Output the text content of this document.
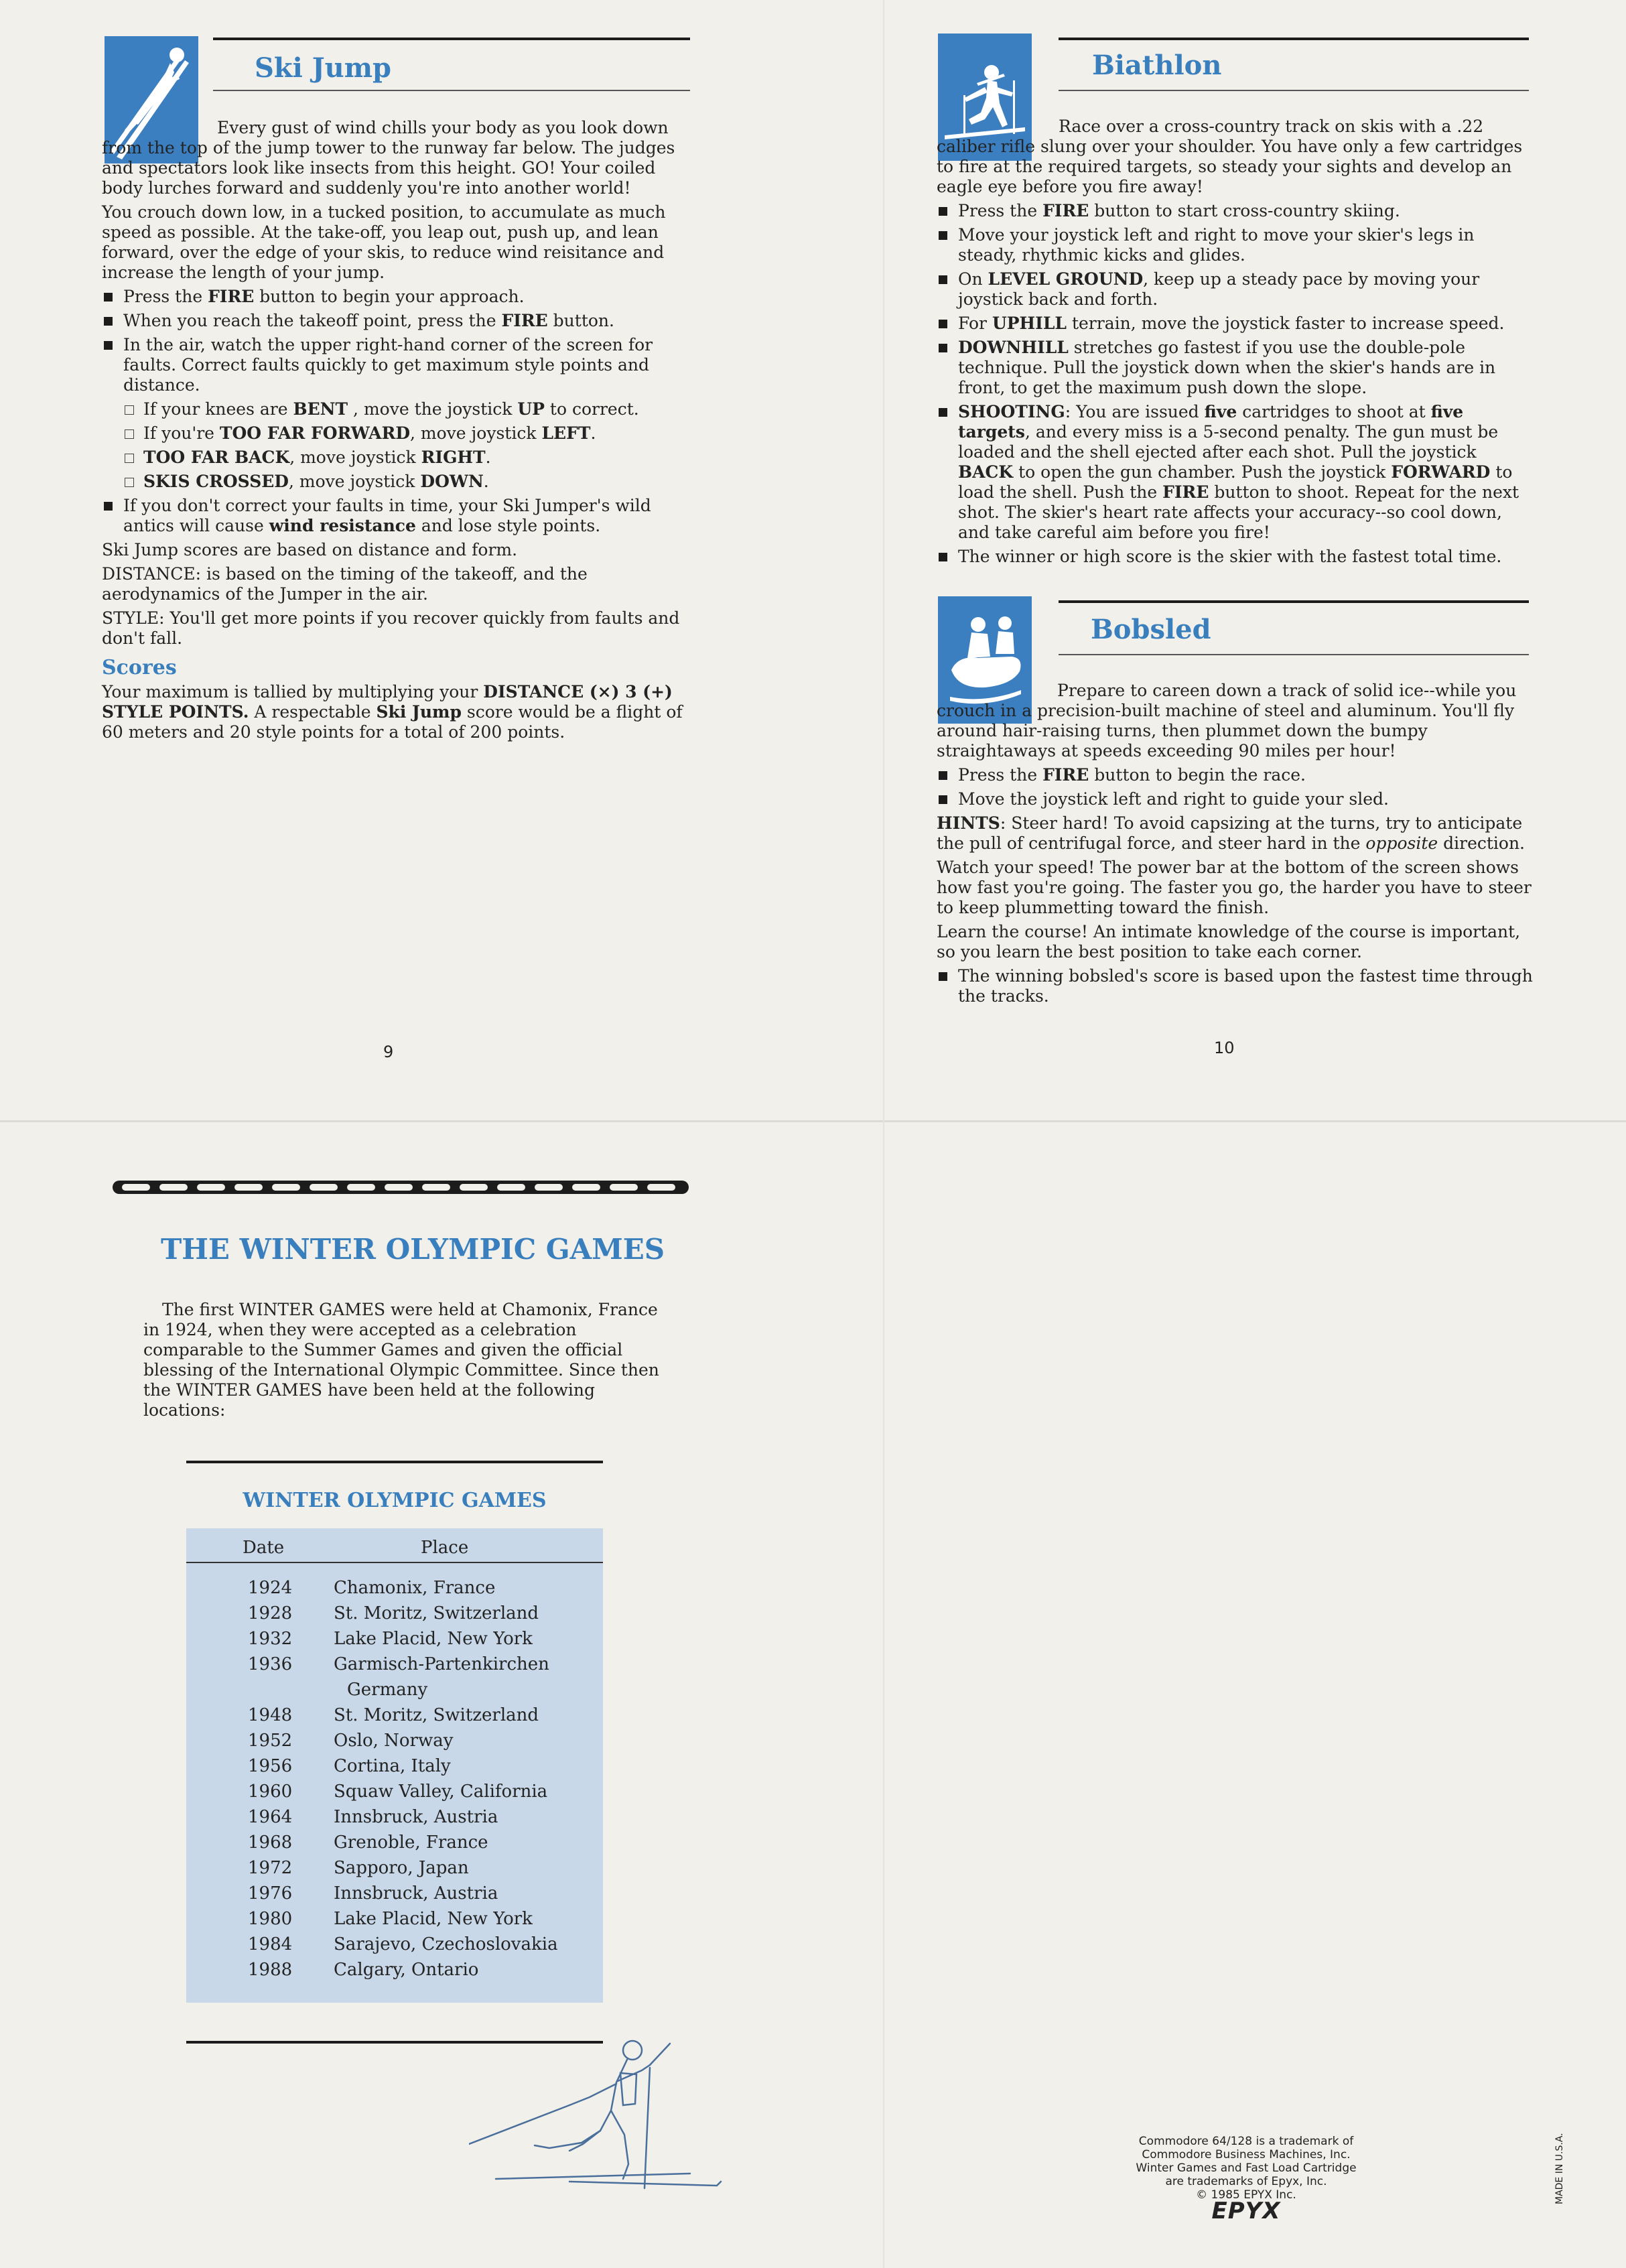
Ski Jump

Every gust of wind chills your body as you look down from the top of the jump tower to the runway far below. The judges and spectators look like insects from this height. GO! Your coiled body lurches forward and suddenly you're into another world!

You crouch down low, in a tucked position, to accumulate as much speed as possible. At the take-off, you leap out, push up, and lean forward, over the edge of your skis, to reduce wind reisitance and increase the length of your jump.

Press the FIRE button to begin your approach.
When you reach the takeoff point, press the FIRE button.
In the air, watch the upper right-hand corner of the screen for faults. Correct faults quickly to get maximum style points and distance.
If your knees are BENT , move the joystick UP to correct.
If you're TOO FAR FORWARD, move joystick LEFT.
TOO FAR BACK, move joystick RIGHT.
SKIS CROSSED, move joystick DOWN.
If you don't correct your faults in time, your Ski Jumper's wild antics will cause wind resistance and lose style points.

Ski Jump scores are based on distance and form.

DISTANCE: is based on the timing of the takeoff, and the aerodynamics of the Jumper in the air.

STYLE: You'll get more points if you recover quickly from faults and don't fall.

Scores

Your maximum is tallied by multiplying your DISTANCE (×) 3 (+) STYLE POINTS. A respectable Ski Jump score would be a flight of 60 meters and 20 style points for a total of 200 points.

9
Biathlon

Race over a cross-country track on skis with a .22 caliber rifle slung over your shoulder. You have only a few cartridges to fire at the required targets, so steady your sights and develop an eagle eye before you fire away!

Press the FIRE button to start cross-country skiing.
Move your joystick left and right to move your skier's legs in steady, rhythmic kicks and glides.
On LEVEL GROUND, keep up a steady pace by moving your joystick back and forth.
For UPHILL terrain, move the joystick faster to increase speed.
DOWNHILL stretches go fastest if you use the double-pole technique. Pull the joystick down when the skier's hands are in front, to get the maximum push down the slope.
SHOOTING: You are issued five cartridges to shoot at five targets, and every miss is a 5-second penalty. The gun must be loaded and the shell ejected after each shot. Pull the joystick BACK to open the gun chamber. Push the joystick FORWARD to load the shell. Push the FIRE button to shoot. Repeat for the next shot. The skier's heart rate affects your accuracy--so cool down, and take careful aim before you fire!
The winner or high score is the skier with the fastest total time.
Bobsled

Prepare to careen down a track of solid ice--while you crouch in a precision-built machine of steel and aluminum. You'll fly around hair-raising turns, then plummet down the bumpy straightaways at speeds exceeding 90 miles per hour!

Press the FIRE button to begin the race.
Move the joystick left and right to guide your sled.

HINTS: Steer hard! To avoid capsizing at the turns, try to anticipate the pull of centrifugal force, and steer hard in the opposite direction.

Watch your speed! The power bar at the bottom of the screen shows how fast you're going. The faster you go, the harder you have to steer to keep plummetting toward the finish.

Learn the course! An intimate knowledge of the course is important, so you learn the best position to take each corner.

The winning bobsled's score is based upon the fastest time through the tracks.
10
THE WINTER OLYMPIC GAMES

The first WINTER GAMES were held at Chamonix, France in 1924, when they were accepted as a celebration comparable to the Summer Games and given the official blessing of the International Olympic Committee. Since then the WINTER GAMES have been held at the following locations:

WINTER OLYMPIC GAMES
Date	Place
1924	Chamonix, France
1928	St. Moritz, Switzerland
1932	Lake Placid, New York
1936	Garmisch-Partenkirchen
Germany
1948	St. Moritz, Switzerland
1952	Oslo, Norway
1956	Cortina, Italy
1960	Squaw Valley, California
1964	Innsbruck, Austria
1968	Grenoble, France
1972	Sapporo, Japan
1976	Innsbruck, Austria
1980	Lake Placid, New York
1984	Sarajevo, Czechoslovakia
1988	Calgary, Ontario
Commodore 64/128 is a trademark of
Commodore Business Machines, Inc.
Winter Games and Fast Load Cartridge
are trademarks of Epyx, Inc.
© 1985 EPYX Inc.
EPYX
MADE IN U.S.A.
